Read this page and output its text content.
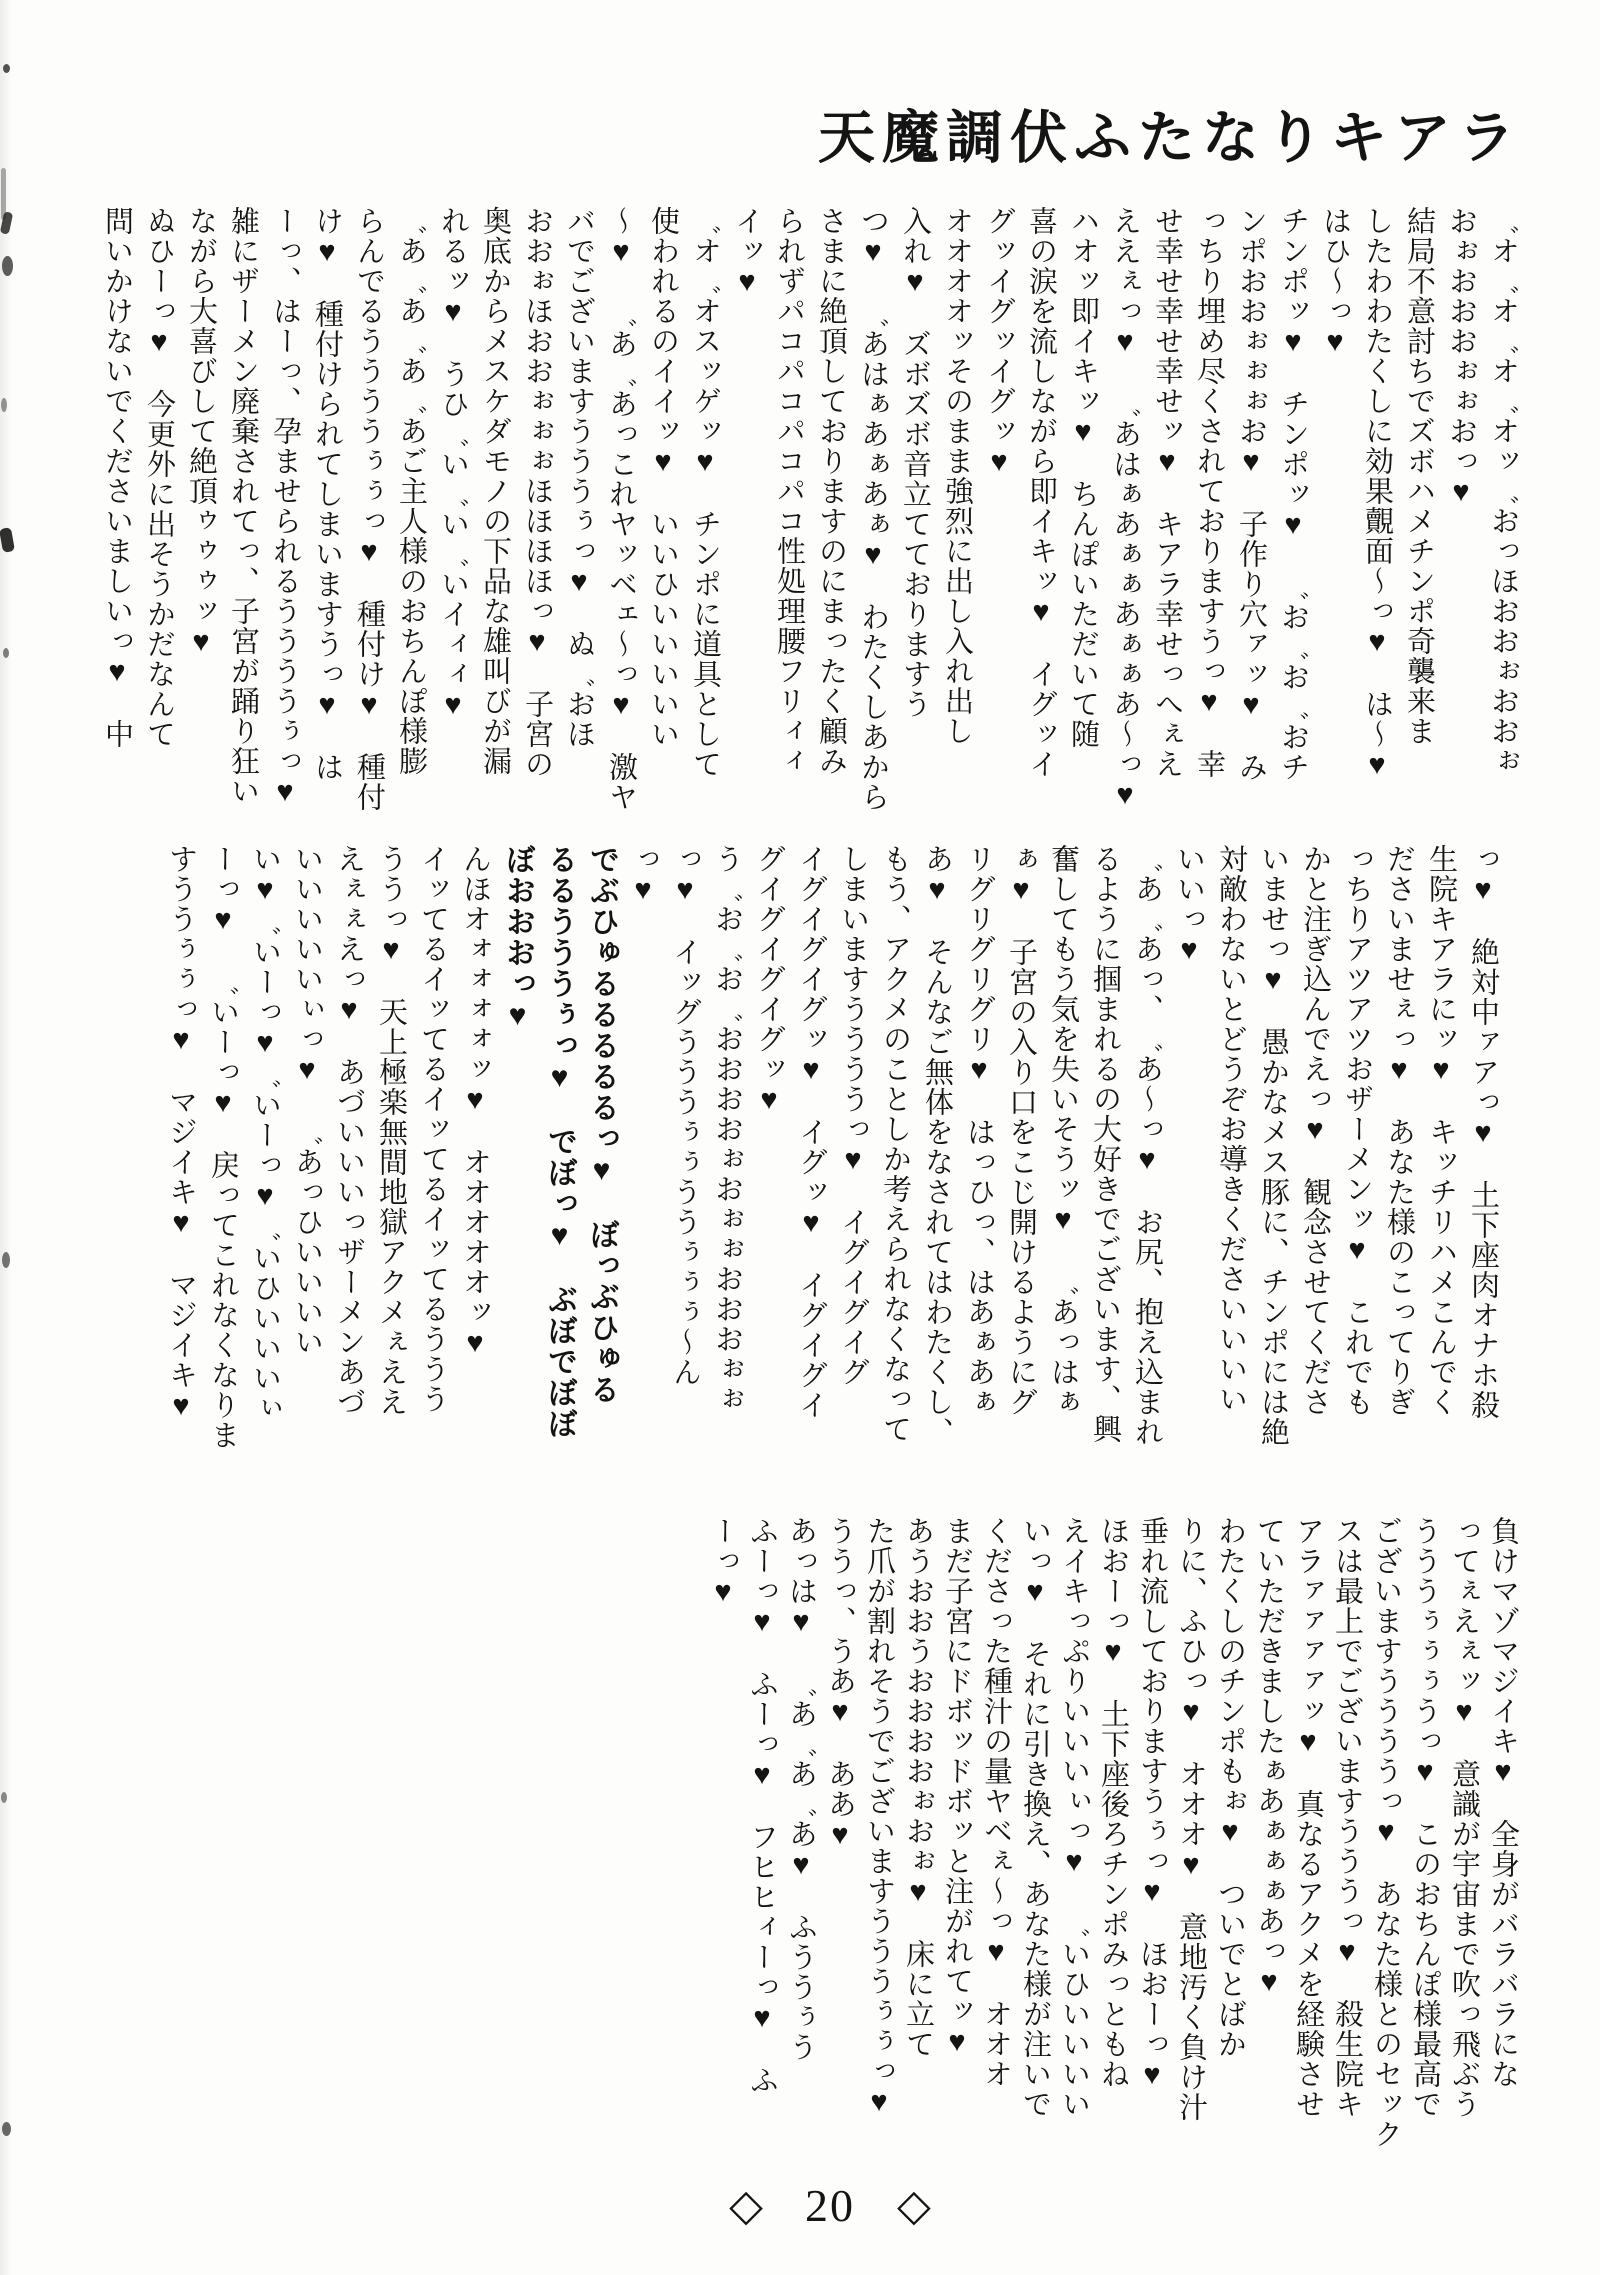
天魔調伏ふたなりキアラ
゛オ゛オ゛オ゛オッ゛おっほおおぉおおぉ
おぉおおおぉぉおっ♥
結局不意討ちでズボハメチンポ奇襲来ま
したわわたくしに効果覿面〜っ♥　は〜♥
はひ〜っ♥
チンポッ♥　チンポッ♥　゛お゛お゛おチ
ンポおおぉぉぉお♥　子作り穴ァッ♥　み
っちり埋め尽くされておりますうっ♥　幸
せ幸せ幸せ幸せッ♥　キアラ幸せっへぇえ
ええぇっ♥　゛あはぁあぁぁあぁぁあ〜っ♥
ハオッ即イキッ♥　ちんぽいただいて随
喜の涙を流しながら即イキッ♥　イグッイ
グッイグッイグッ♥
オオオオッそのまま強烈に出し入れ出し
入れ♥　ズボズボ音立てておりますう
つ♥　゛あはぁあぁあぁ♥　わたくしあから
さまに絶頂しておりますのにまったく顧み
られずパコパコパコパコ性処理腰フリィィ
イッ♥
゛オ゛オスッゲッ♥　チンポに道具として
使われるのイイッ♥　いいひいいいいい
〜♥　゛あ゛あっこれヤッベェ〜っ♥　激ヤ
バでございますうううぅっ♥　ぬ゛おほ
おおぉほおおぉぉぉほほほほっ♥　子宮の
奥底からメスケダモノの下品な雄叫びが漏
れるッ♥　うひ゛い゛い゛いイィィ♥
゛あ゛あ゛あ゛あご主人様のおちんぽ様膨
らんでるううううぅぅっ♥　種付け♥　種付
け♥　種付けられてしまいますうっ♥　は
ーっ、はーっ、孕ませられるううううぅっ♥
雑にザーメン廃棄されてっ、子宮が踊り狂い
ながら大喜びして絶頂ゥゥゥッ♥
ぬひーっ♥　今更外に出そうかだなんて
問いかけないでくださいましいっ♥　中
っ♥　絶対中ァアっ♥　土下座肉オナホ殺
生院キアラにッ♥　キッチリハメこんでく
ださいませぇっ♥　あなた様のこってりぎ
っちりアツアツおザーメンッ♥　これでも
かと注ぎ込んでえっ♥　観念させてくださ
いませっ♥　愚かなメス豚に、チンポには絶
対敵わないとどうぞお導きくださいいいい
いいっ♥
゛あ゛あっ、゛あ〜っ♥　お尻、抱え込まれ
るように掴まれるの大好きでございます、興
奮してもう気を失いそうッ♥　゛あっはぁ
ぁ♥　子宮の入り口をこじ開けるようにグ
リグリグリグリ♥　はっひっ、はあぁあぁ
あ♥　そんなご無体をなされてはわたくし、
もう、アクメのことしか考えられなくなって
しまいますううううっ♥　イグイグイグ
イグイグイグッ♥　イグッ♥　イグイグイ
グイグイグイグッ♥
う゛お゛お゛おおおおぉおぉぉおおおぉぉ
っ♥　イッグうううぅぅううぅぅぅ〜ん
っ♥
でぶひゅるるるるるっ♥　ぼっぶひゅる
るるうううぅっ♥　でぼっ♥　ぶぼでぼぼ
ぼおおおっ♥
んほオォォォォッ♥　オオオオオッ♥
イッてるイッてるイッてるイッてるううう
ううっ♥　天上極楽無間地獄アクメぇええ
えぇぇえっ♥　あづいいいっザーメンあづ
いいいいいぃっ♥　゛あっひいいいい
い♥゛いーっ♥゛いーっ♥゛いひいいいぃ
ーっ♥　゛いーっ♥　戻ってこれなくなりま
すううぅぅっ♥　マジイキ♥　マジイキ♥
負けマゾマジイキ♥　全身がバラバラにな
ってぇえぇッ♥　意識が宇宙まで吹っ飛ぶう
うううぅぅぅうっ♥　このおちんぽ様最高で
ございますううううっ♥　あなた様とのセック
スは最上でございますうううっ♥　殺生院キ
アラァァァァッ♥　真なるアクメを経験させ
ていただきましたぁあぁぁぁあっ♥
わたくしのチンポもぉ♥　ついでとばか
りに、ふひっ♥　オオオ♥　意地汚く負け汁
垂れ流しておりますうぅっ♥　ほおーっ♥
ほおーっ♥　土下座後ろチンポみっともね
えイキっぷりいいいぃっ♥　゛いひいいいい
いっ♥　それに引き換え、あなた様が注いで
くださった種汁の量ヤベぇ〜っ♥　オオオ
まだ子宮にドボッドボッと注がれてッ♥
あうおおうおおおおぉおぉ♥　床に立て
た爪が割れそうでございますうううぅぅっ♥
ううっ、うあ♥　ああ♥
あっは♥　゛あ゛あ゛あ♥　ふううぅう
ふーっ♥　ふーっ♥　フヒヒィーっ♥　ふ
ーっ♥
◇ 20 ◇
